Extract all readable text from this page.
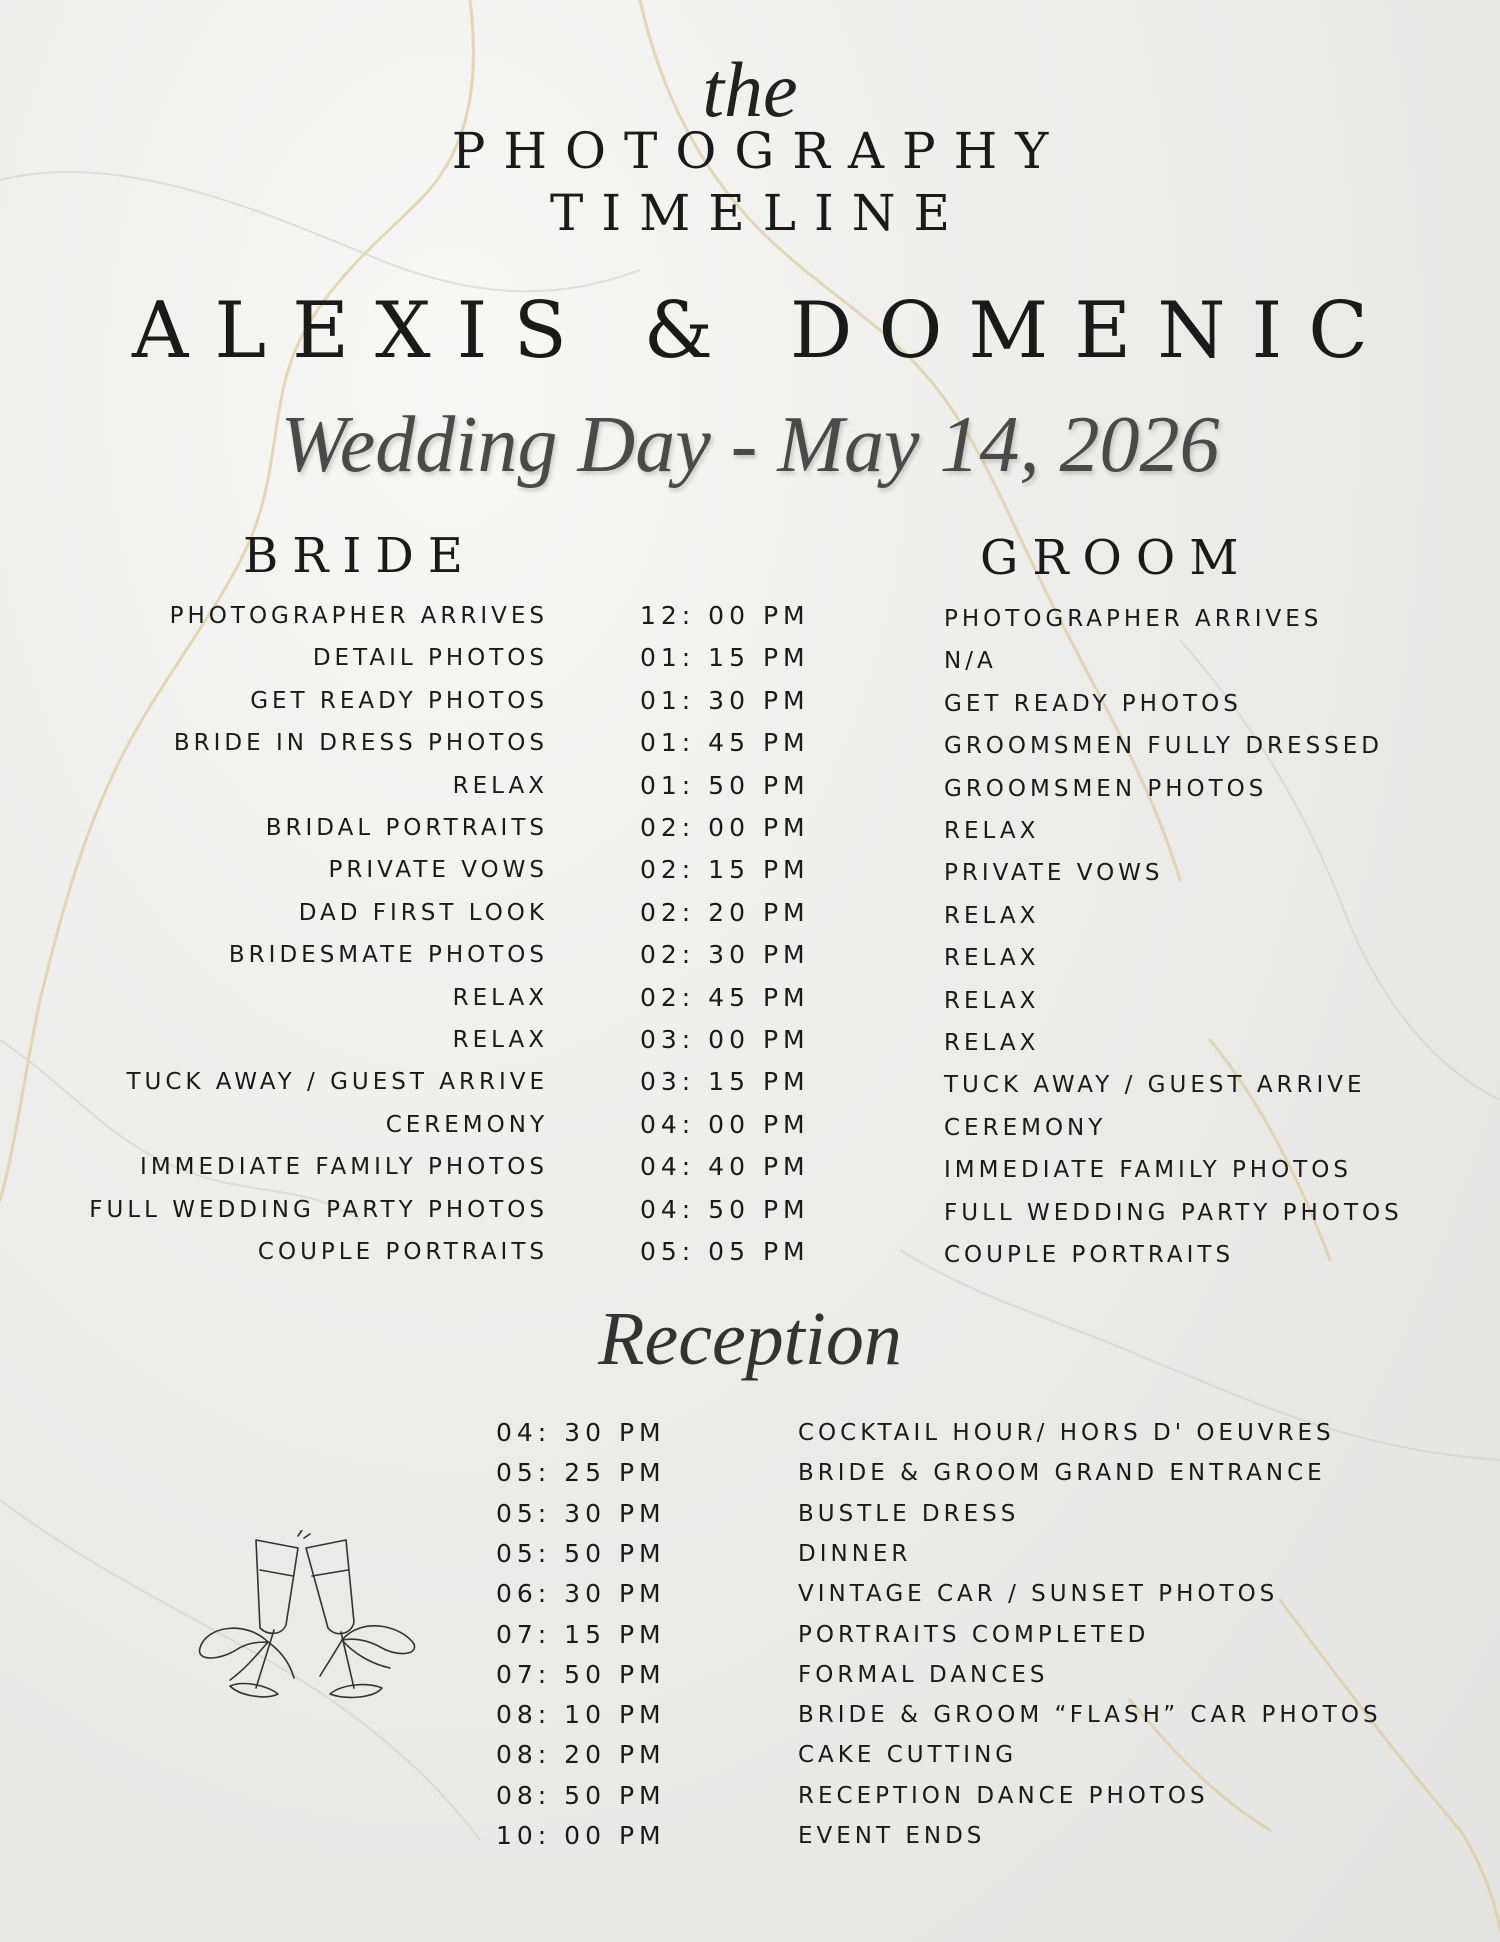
the
PHOTOGRAPHY
TIMELINE
ALEXIS & DOMENIC
Wedding Day - May 14, 2026
BRIDE	GROOM
PHOTOGRAPHER ARRIVES	12: 00 PM	PHOTOGRAPHER ARRIVES
DETAIL PHOTOS	01: 15 PM	N/A
GET READY PHOTOS	01: 30 PM	GET READY PHOTOS
BRIDE IN DRESS PHOTOS	01: 45 PM	GROOMSMEN FULLY DRESSED
RELAX	01: 50 PM	GROOMSMEN PHOTOS
BRIDAL PORTRAITS	02: 00 PM	RELAX
PRIVATE VOWS	02: 15 PM	PRIVATE VOWS
DAD FIRST LOOK	02: 20 PM	RELAX
BRIDESMATE PHOTOS	02: 30 PM	RELAX
RELAX	02: 45 PM	RELAX
RELAX	03: 00 PM	RELAX
TUCK AWAY / GUEST ARRIVE	03: 15 PM	TUCK AWAY / GUEST ARRIVE
CEREMONY	04: 00 PM	CEREMONY
IMMEDIATE FAMILY PHOTOS	04: 40 PM	IMMEDIATE FAMILY PHOTOS
FULL WEDDING PARTY PHOTOS	04: 50 PM	FULL WEDDING PARTY PHOTOS
COUPLE PORTRAITS	05: 05 PM	COUPLE PORTRAITS
Reception
04: 30 PM	COCKTAIL HOUR/ HORS D' OEUVRES
05: 25 PM	BRIDE & GROOM GRAND ENTRANCE
05: 30 PM	BUSTLE DRESS
05: 50 PM	DINNER
06: 30 PM	VINTAGE CAR / SUNSET PHOTOS
07: 15 PM	PORTRAITS COMPLETED
07: 50 PM	FORMAL DANCES
08: 10 PM	BRIDE & GROOM “FLASH” CAR PHOTOS
08: 20 PM	CAKE CUTTING
08: 50 PM	RECEPTION DANCE PHOTOS
10: 00 PM	EVENT ENDS
